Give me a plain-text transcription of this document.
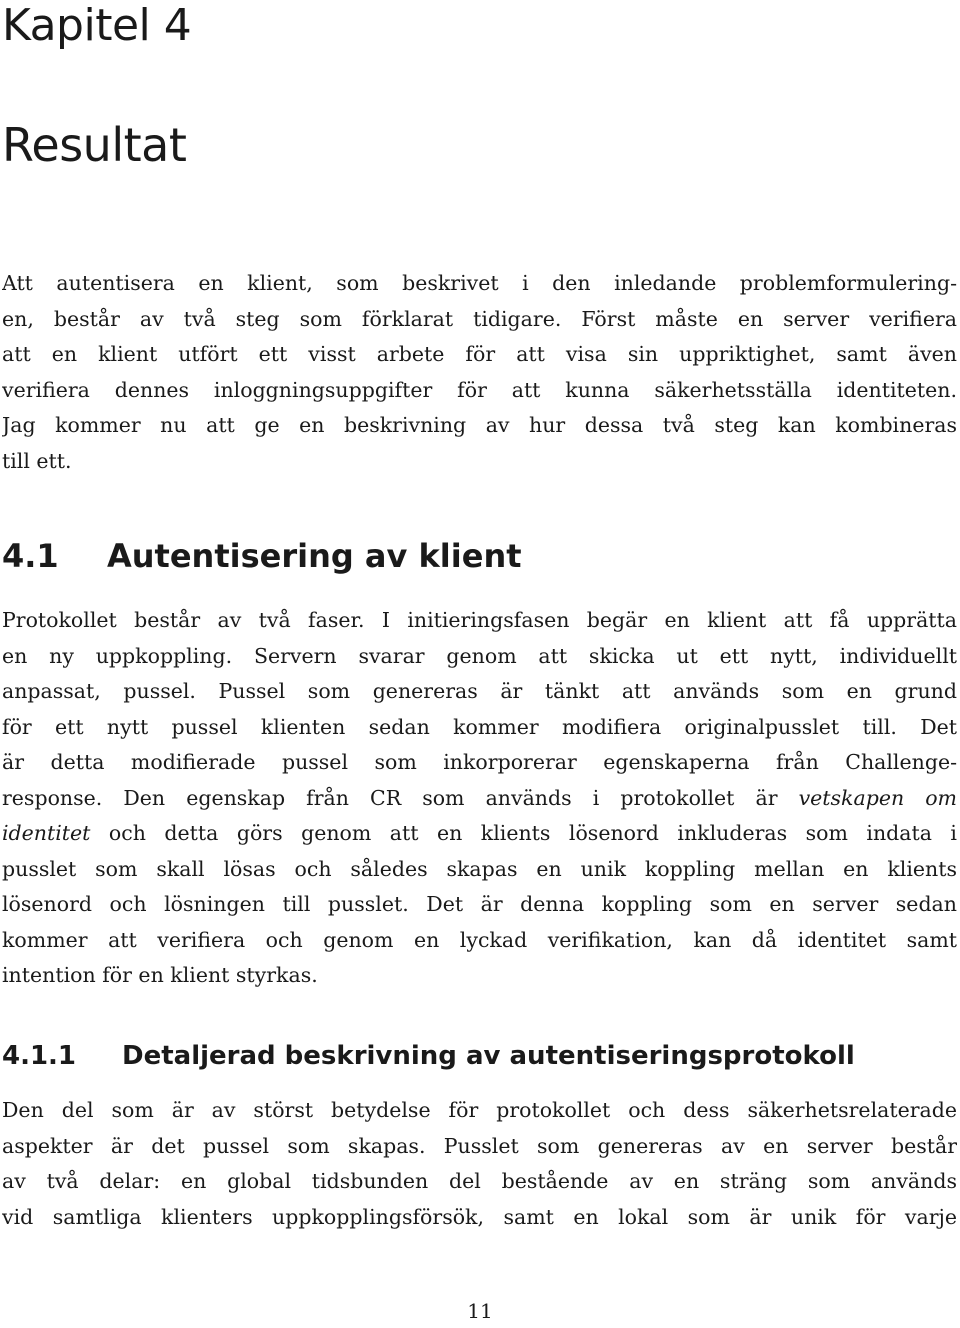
Kapitel 4
Resultat
Att autentisera en klient, som beskrivet i den inledande problemformulering-
en, består av två steg som förklarat tidigare. Först måste en server verifiera
att en klient utfört ett visst arbete för att visa sin uppriktighet, samt även
verifiera dennes inloggningsuppgifter för att kunna säkerhetsställa identiteten.
Jag kommer nu att ge en beskrivning av hur dessa två steg kan kombineras
till ett.
4.1 Autentisering av klient
Protokollet består av två faser. I initieringsfasen begär en klient att få upprätta
en ny uppkoppling. Servern svarar genom att skicka ut ett nytt, individuellt
anpassat, pussel. Pussel som genereras är tänkt att används som en grund
för ett nytt pussel klienten sedan kommer modifiera originalpusslet till. Det
är detta modifierade pussel som inkorporerar egenskaperna från Challenge-
response. Den egenskap från CR som används i protokollet är vetskapen om
identitet och detta görs genom att en klients lösenord inkluderas som indata i
pusslet som skall lösas och således skapas en unik koppling mellan en klients
lösenord och lösningen till pusslet. Det är denna koppling som en server sedan
kommer att verifiera och genom en lyckad verifikation, kan då identitet samt
intention för en klient styrkas.
4.1.1 Detaljerad beskrivning av autentiseringsprotokoll
Den del som är av störst betydelse för protokollet och dess säkerhetsrelaterade
aspekter är det pussel som skapas. Pusslet som genereras av en server består
av två delar: en global tidsbunden del bestående av en sträng som används
vid samtliga klienters uppkopplingsförsök, samt en lokal som är unik för varje
11
